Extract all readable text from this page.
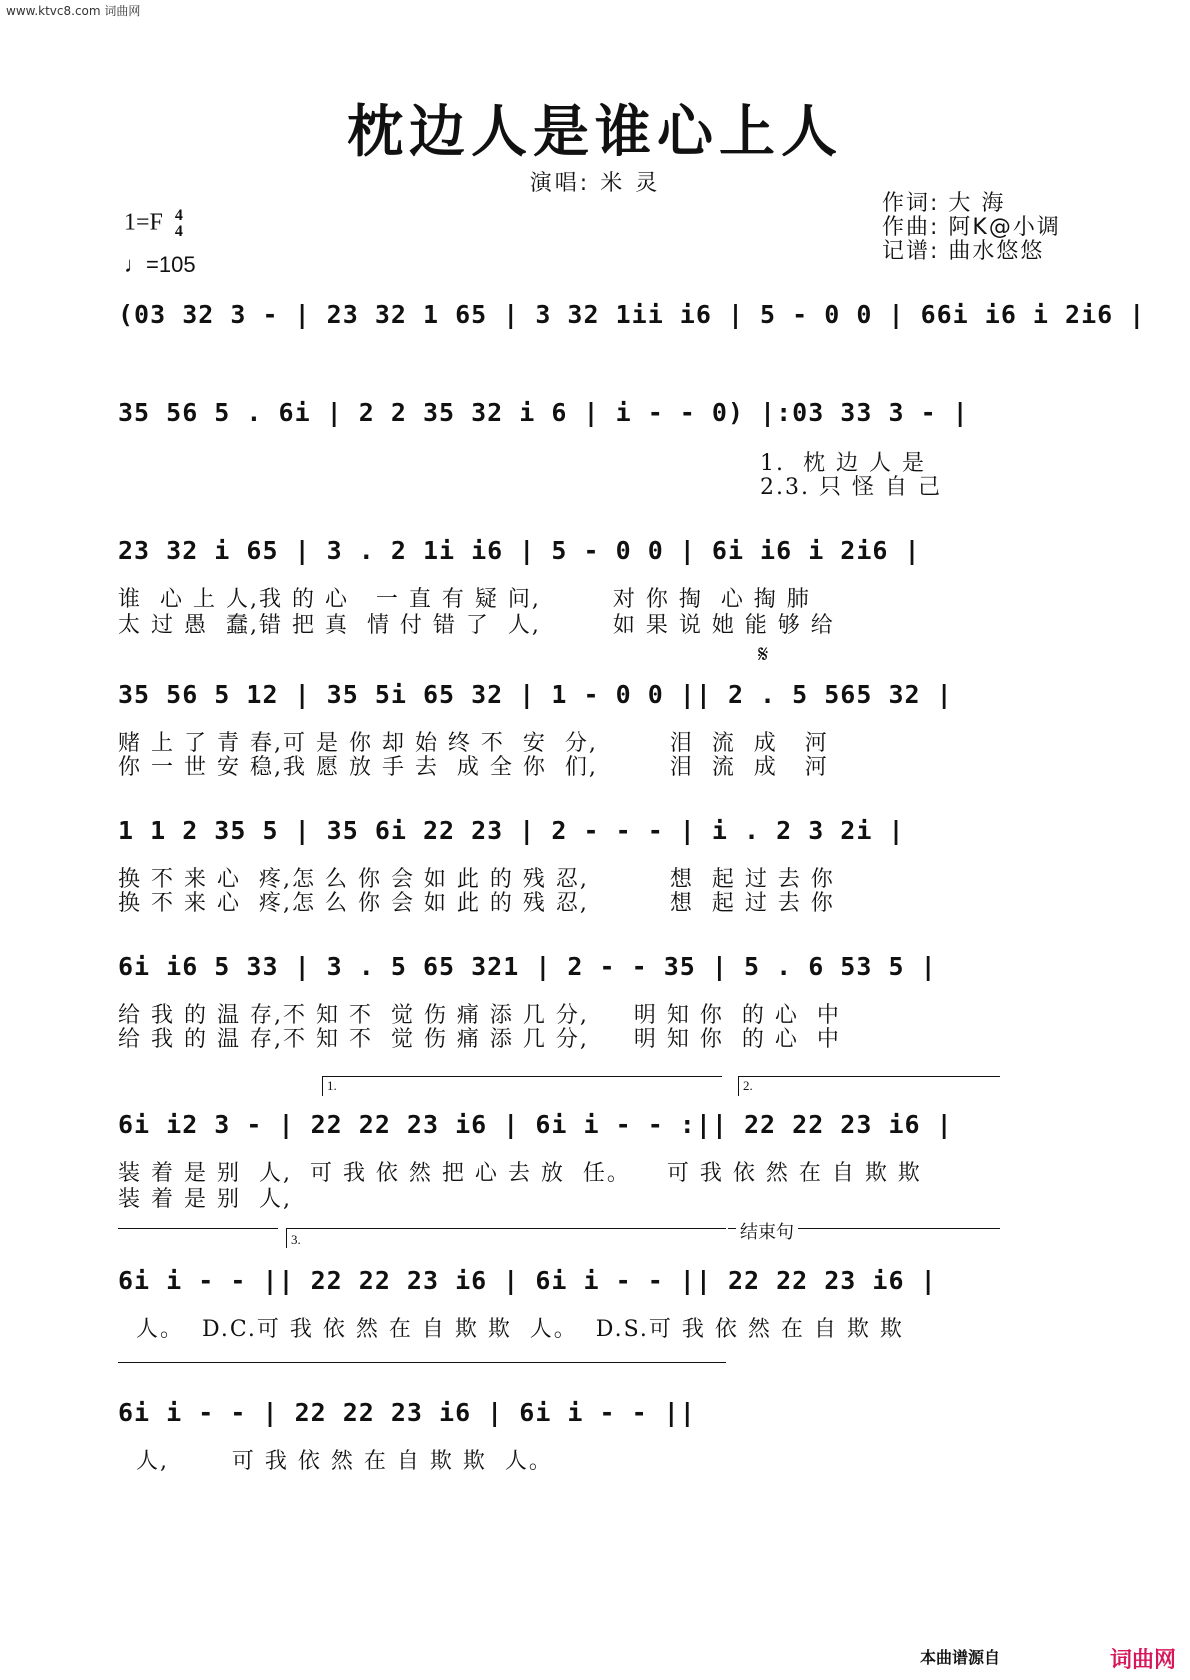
www.ktvc8.com 词曲网
枕边人是谁心上人
演唱: 米 灵
1=F 4
4
♩=105
作词: 大 海
作曲: 阿K@小调
记谱: 曲水悠悠
(03 32 3 - | 23 32 1 65 | 3 32 1ii i6 | 5 - 0 0 | 66i i6 i 2i6 |
35 56 5 . 6i | 2 2 35 32 i 6 | i - - 0) |:03 33 3 - |
1.  枕 边 人 是
2.3. 只 怪 自 己
23 32 i 65 | 3 . 2 1i i6 | 5 - 0 0 | 6i i6 i 2i6 |
谁  心 上 人,我 的 心   一 直 有 疑 问,        对 你 掏  心 掏 肺
太 过 愚  蠢,错 把 真  情 付 错 了  人,        如 果 说 她 能 够 给
𝄋
35 56 5 12 | 35 5i 65 32 | 1 - 0 0 || 2 . 5 565 32 |
赌 上 了 青 春,可 是 你 却 始 终 不  安  分,        泪  流  成   河
你 一 世 安 稳,我 愿 放 手 去  成 全 你  们,        泪  流  成   河
1 1 2 35 5 | 35 6i 22 23 | 2 - - - | i . 2 3 2i |
换 不 来 心  疼,怎 么 你 会 如 此 的 残 忍,         想  起 过 去 你
换 不 来 心  疼,怎 么 你 会 如 此 的 残 忍,         想  起 过 去 你
6i i6 5 33 | 3 . 5 65 321 | 2 - - 35 | 5 . 6 53 5 |
给 我 的 温 存,不 知 不  觉 伤 痛 添 几 分,     明 知 你  的 心  中
给 我 的 温 存,不 知 不  觉 伤 痛 添 几 分,     明 知 你  的 心  中
1.	2.
6i i2 3 - | 22 22 23 i6 | 6i i - - :|| 22 22 23 i6 |
装 着 是 别  人,  可 我 依 然 把 心 去 放  任。    可 我 依 然 在 自 欺 欺
装 着 是 别  人,
3.	结束句
6i i - - || 22 22 23 i6 | 6i i - - || 22 22 23 i6 |
人。  D.C.可 我 依 然 在 自 欺 欺  人。  D.S.可 我 依 然 在 自 欺 欺
6i i - - | 22 22 23 i6 | 6i i - - ||
人,       可 我 依 然 在 自 欺 欺  人。
本曲谱源自	词曲网
